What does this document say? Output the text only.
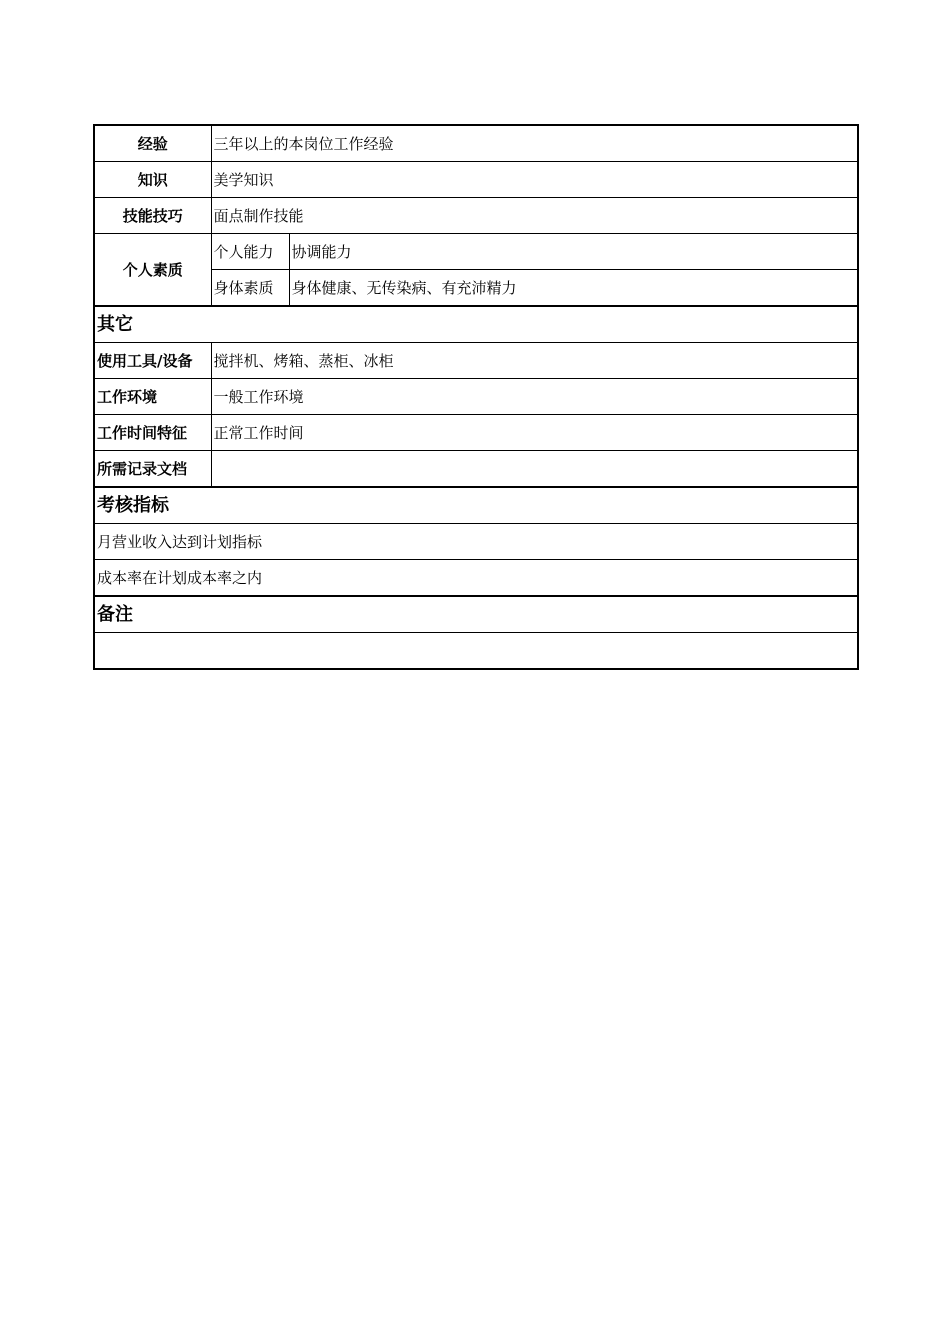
经验	三年以上的本岗位工作经验	
知识	美学知识	
技能技巧	面点制作技能	
个人素质	个人能力	协调能力
	身体素质	身体健康、无传染病、有充沛精力
其它		
使用工具/设备	搅拌机、烤箱、蒸柜、冰柜	
工作环境	一般工作环境	
工作时间特征	正常工作时间	
所需记录文档		
考核指标		
月营业收入达到计划指标		
成本率在计划成本率之内		
备注		
